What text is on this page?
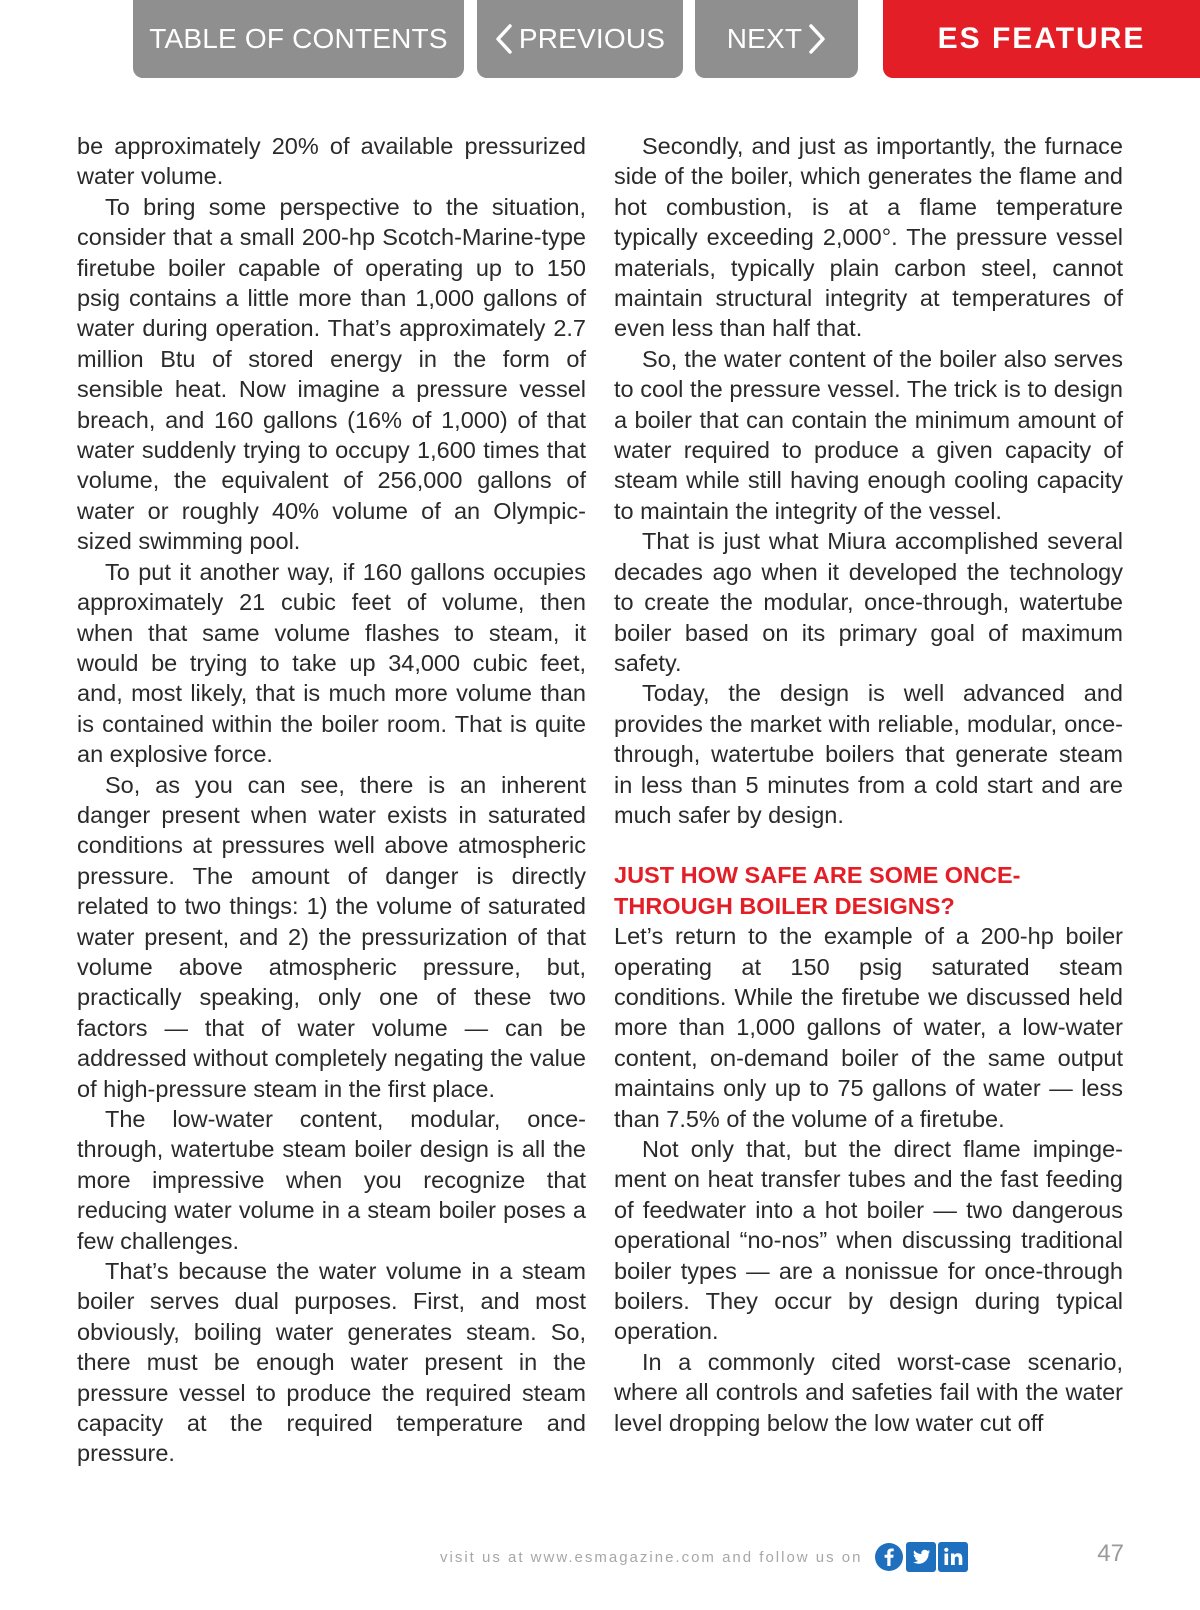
TABLE OF CONTENTS	PREVIOUS NEXT	ES FEATURE

be approximately 20% of available pressurized water volume.

To bring some perspective to the situation, consider that a small 200-hp Scotch-Marine-type firetube boiler capable of operating up to 150 psig contains a little more than 1,000 gallons of water during operation. That’s approximately 2.7 million Btu of stored energy in the form of sensible heat. Now imagine a pressure vessel breach, and 160 gallons (16% of 1,000) of that water suddenly trying to occupy 1,600 times that volume, the equivalent of 256,000 gallons of water or roughly 40% volume of an Olympic-sized swimming pool.

To put it another way, if 160 gallons occupies approximately 21 cubic feet of volume, then when that same volume flashes to steam, it would be trying to take up 34,000 cubic feet, and, most likely, that is much more volume than is contained within the boiler room. That is quite an explosive force.

So, as you can see, there is an inherent danger present when water exists in saturated conditions at pressures well above atmospheric pressure. The amount of danger is directly related to two things: 1) the volume of saturated water present, and 2) the pressurization of that volume above atmospheric pressure, but, practically speaking, only one of these two factors — that of water volume — can be addressed without completely negating the value of high-pressure steam in the first place.

The low-water content, modular, once-through, watertube steam boiler design is all the more impressive when you recognize that reducing water volume in a steam boiler poses a few challenges.

That’s because the water volume in a steam boiler serves dual purposes. First, and most obviously, boiling water generates steam. So, there must be enough water present in the pressure vessel to produce the required steam capacity at the required temperature and pressure.

Secondly, and just as importantly, the furnace side of the boiler, which generates the flame and hot combustion, is at a flame temperature typically exceeding 2,000°. The pressure vessel materials, typically plain carbon steel, cannot maintain structural integrity at temperatures of even less than half that.

So, the water content of the boiler also serves to cool the pressure vessel. The trick is to design a boiler that can contain the minimum amount of water required to produce a given capacity of steam while still having enough cooling capacity to maintain the integrity of the vessel.

That is just what Miura accomplished several decades ago when it developed the technology to create the modular, once-through, watertube boiler based on its primary goal of maximum safety.

Today, the design is well advanced and provides the market with reliable, modular, once-through, watertube boilers that generate steam in less than 5 minutes from a cold start and are much safer by design.

JUST HOW SAFE ARE SOME ONCE-THROUGH BOILER DESIGNS?

Let’s return to the example of a 200-hp boiler operating at 150 psig saturated steam conditions. While the firetube we discussed held more than 1,000 gallons of water, a low-water content, on-demand boiler of the same output maintains only up to 75 gallons of water — less than 7.5% of the volume of a firetube.

Not only that, but the direct flame impingement on heat transfer tubes and the fast feeding of feedwater into a hot boiler — two dangerous operational “no-nos” when discussing traditional boiler types — are a nonissue for once-through boilers. They occur by design during typical operation.

In a commonly cited worst-case scenario, where all controls and safeties fail with the water level dropping below the low water cut off

visit us at www.esmagazine.com and follow us on	47
